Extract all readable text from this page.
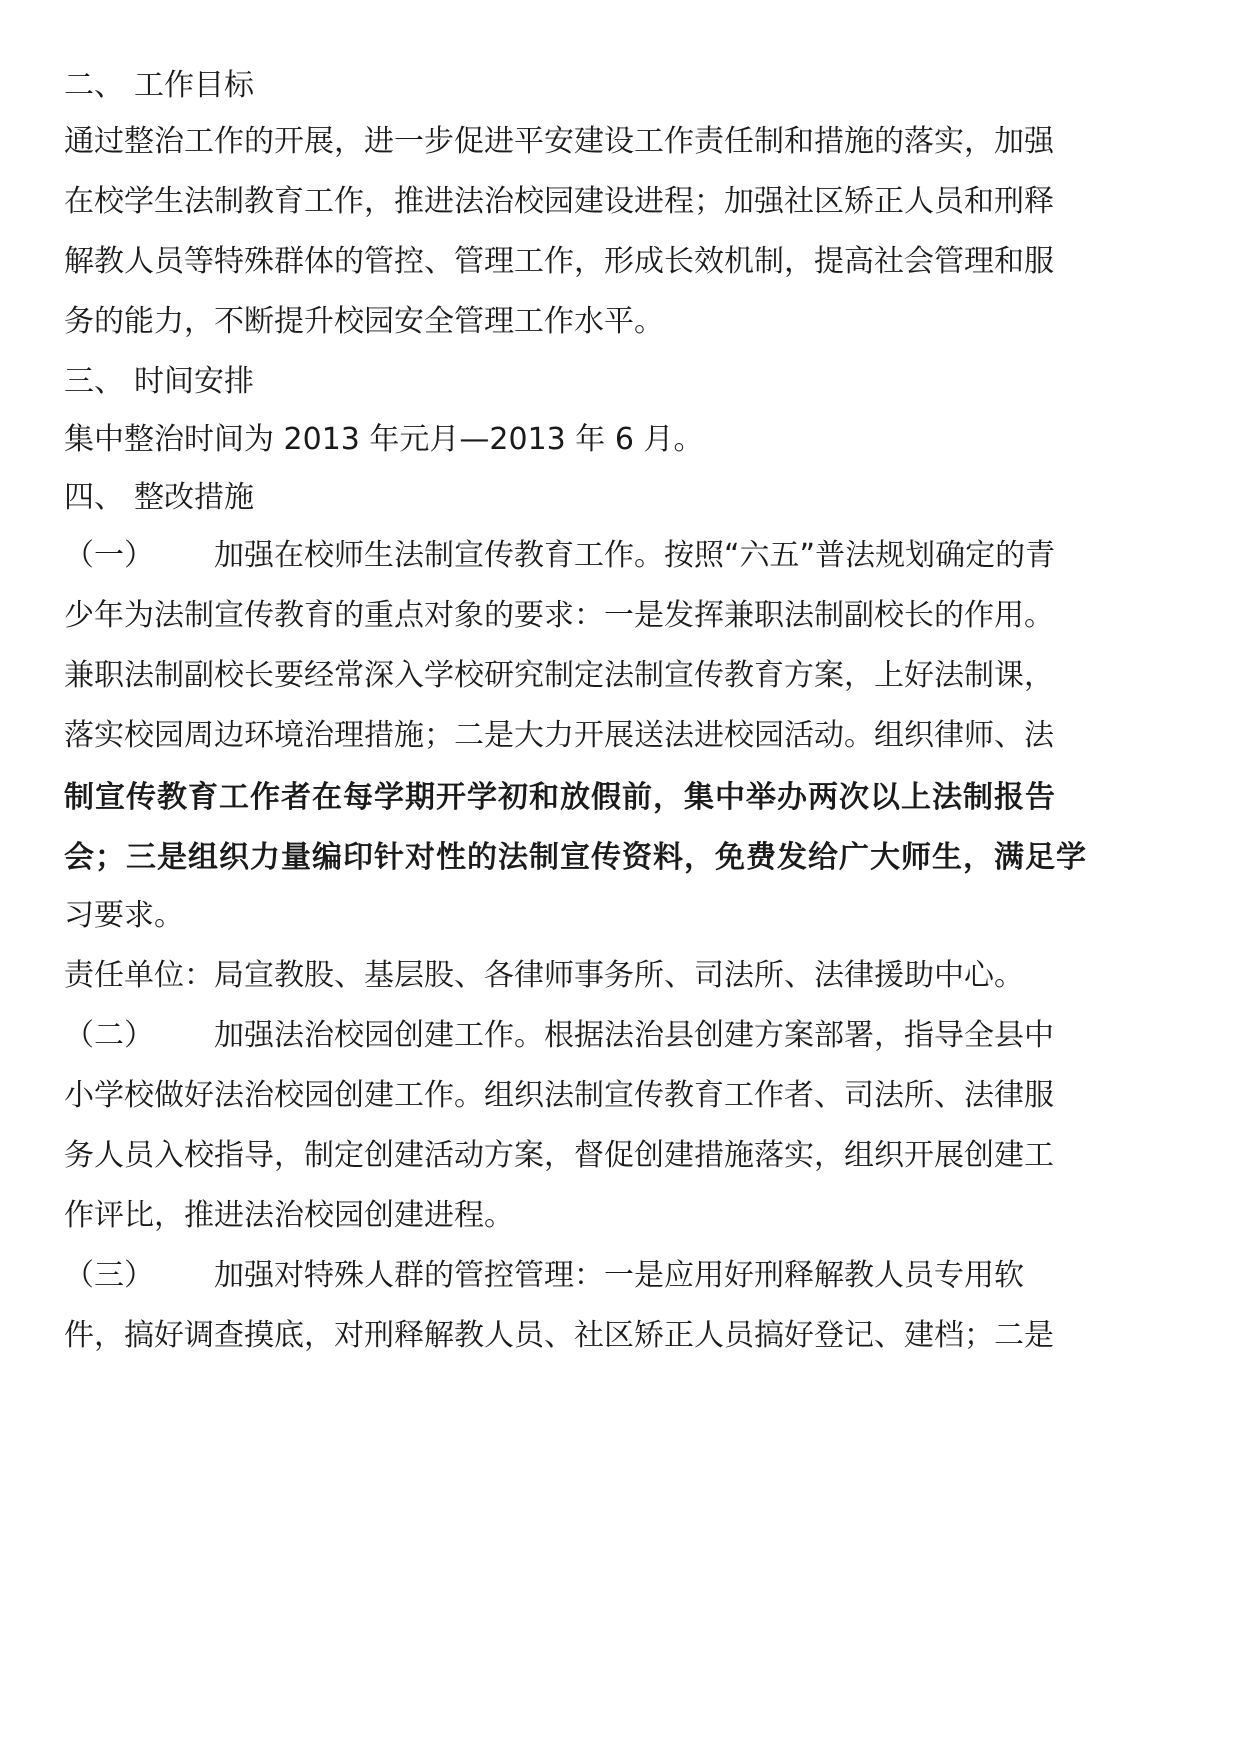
二、 工作目标
通过整治工作的开展，进一步促进平安建设工作责任制和措施的落实，加强
在校学生法制教育工作，推进法治校园建设进程；加强社区矫正人员和刑释
解教人员等特殊群体的管控、管理工作，形成长效机制，提高社会管理和服
务的能力，不断提升校园安全管理工作水平。
三、 时间安排
集中整治时间为 2013 年元月—2013 年 6 月。
四、 整改措施
（一） 加强在校师生法制宣传教育工作。按照“六五”普法规划确定的青
少年为法制宣传教育的重点对象的要求：一是发挥兼职法制副校长的作用。
兼职法制副校长要经常深入学校研究制定法制宣传教育方案，上好法制课，
落实校园周边环境治理措施；二是大力开展送法进校园活动。组织律师、法
制宣传教育工作者在每学期开学初和放假前，集中举办两次以上法制报告
会；三是组织力量编印针对性的法制宣传资料，免费发给广大师生，满足学
习要求。
责任单位：局宣教股、基层股、各律师事务所、司法所、法律援助中心。
（二） 加强法治校园创建工作。根据法治县创建方案部署，指导全县中
小学校做好法治校园创建工作。组织法制宣传教育工作者、司法所、法律服
务人员入校指导，制定创建活动方案，督促创建措施落实，组织开展创建工
作评比，推进法治校园创建进程。
（三） 加强对特殊人群的管控管理：一是应用好刑释解教人员专用软
件，搞好调查摸底，对刑释解教人员、社区矫正人员搞好登记、建档；二是
